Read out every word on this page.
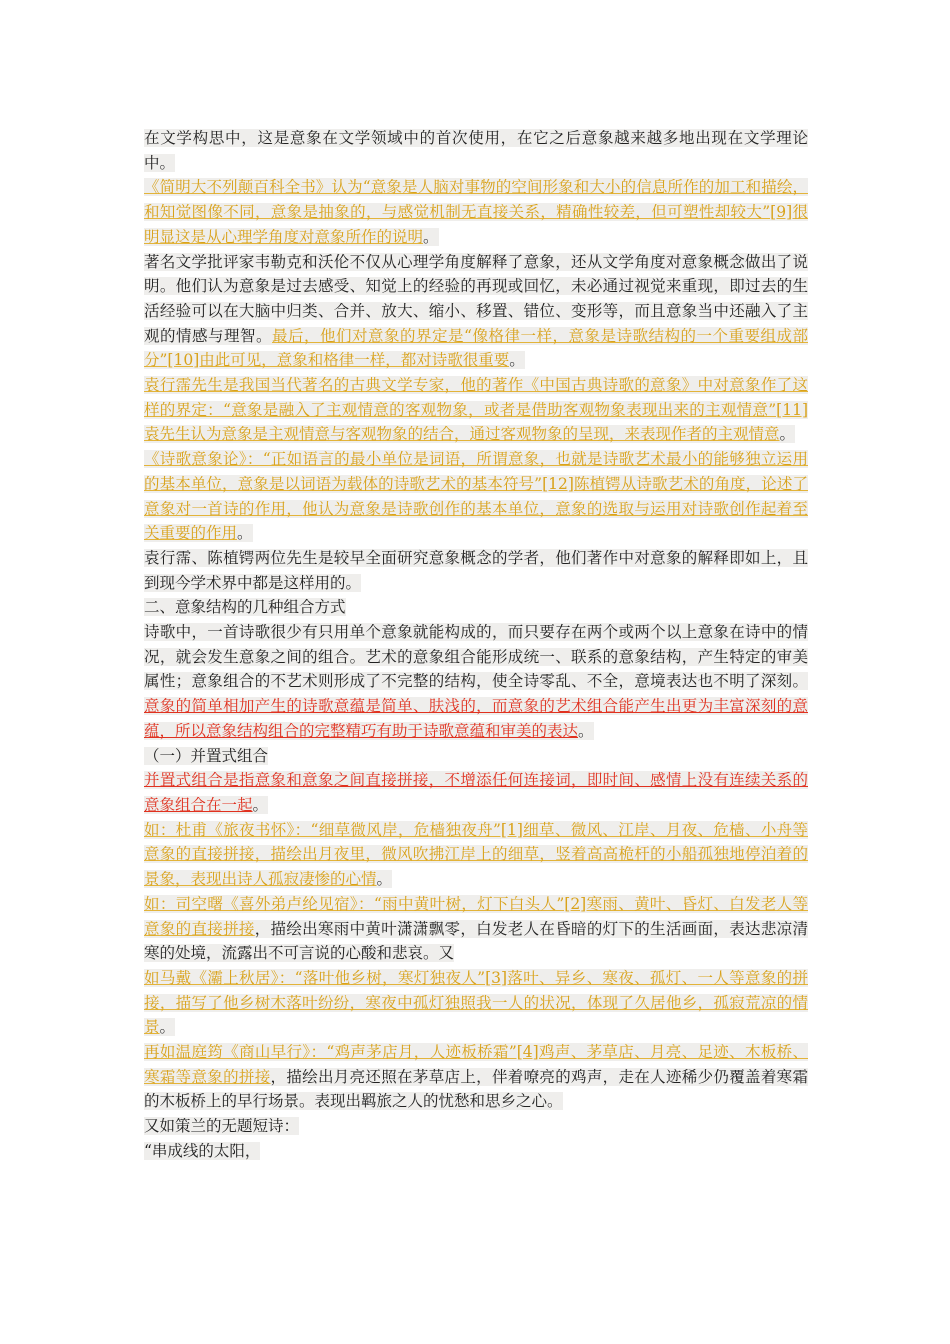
在文学构思中，这是意象在文学领域中的首次使用，在它之后意象越来越多地出现在文学理论中。

《简明大不列颠百科全书》认为“意象是人脑对事物的空间形象和大小的信息所作的加工和描绘，和知觉图像不同，意象是抽象的，与感觉机制无直接关系，精确性较差，但可塑性却较大”[9]很明显这是从心理学角度对意象所作的说明。

著名文学批评家韦勒克和沃伦不仅从心理学角度解释了意象，还从文学角度对意象概念做出了说明。他们认为意象是过去感受、知觉上的经验的再现或回忆，未必通过视觉来重现，即过去的生活经验可以在大脑中归类、合并、放大、缩小、移置、错位、变形等，而且意象当中还融入了主观的情感与理智。最后，他们对意象的界定是“像格律一样，意象是诗歌结构的一个重要组成部分”[10]由此可见，意象和格律一样，都对诗歌很重要。

袁行霈先生是我国当代著名的古典文学专家，他的著作《中国古典诗歌的意象》中对意象作了这样的界定：“意象是融入了主观情意的客观物象，或者是借助客观物象表现出来的主观情意”[11]袁先生认为意象是主观情意与客观物象的结合，通过客观物象的呈现，来表现作者的主观情意。

《诗歌意象论》：“正如语言的最小单位是词语，所谓意象，也就是诗歌艺术最小的能够独立运用的基本单位，意象是以词语为载体的诗歌艺术的基本符号”[12]陈植锷从诗歌艺术的角度，论述了意象对一首诗的作用，他认为意象是诗歌创作的基本单位，意象的选取与运用对诗歌创作起着至关重要的作用。

袁行霈、陈植锷两位先生是较早全面研究意象概念的学者，他们著作中对意象的解释即如上，且到现今学术界中都是这样用的。

二、意象结构的几种组合方式

诗歌中，一首诗歌很少有只用单个意象就能构成的，而只要存在两个或两个以上意象在诗中的情况，就会发生意象之间的组合。艺术的意象组合能形成统一、联系的意象结构，产生特定的审美属性；意象组合的不艺术则形成了不完整的结构，使全诗零乱、不全，意境表达也不明了深刻。意象的简单相加产生的诗歌意蕴是简单、肤浅的，而意象的艺术组合能产生出更为丰富深刻的意蕴，所以意象结构组合的完整精巧有助于诗歌意蕴和审美的表达。

（一）并置式组合

并置式组合是指意象和意象之间直接拼接，不增添任何连接词，即时间、感情上没有连续关系的意象组合在一起。

如：杜甫《旅夜书怀》：“细草微风岸，危樯独夜舟”[1]细草、微风、江岸、月夜、危樯、小舟等意象的直接拼接，描绘出月夜里，微风吹拂江岸上的细草，竖着高高桅杆的小船孤独地停泊着的景象，表现出诗人孤寂凄惨的心情。

如：司空曙《喜外弟卢纶见宿》：“雨中黄叶树，灯下白头人”[2]寒雨、黄叶、昏灯、白发老人等意象的直接拼接，描绘出寒雨中黄叶潇潇飘零，白发老人在昏暗的灯下的生活画面，表达悲凉清寒的处境，流露出不可言说的心酸和悲哀。又

如马戴《灞上秋居》：“落叶他乡树，寒灯独夜人”[3]落叶、异乡、寒夜、孤灯、一人等意象的拼接，描写了他乡树木落叶纷纷，寒夜中孤灯独照我一人的状况，体现了久居他乡，孤寂荒凉的情景。

再如温庭筠《商山早行》：“鸡声茅店月，人迹板桥霜”[4]鸡声、茅草店、月亮、足迹、木板桥、寒霜等意象的拼接，描绘出月亮还照在茅草店上，伴着嘹亮的鸡声，走在人迹稀少仍覆盖着寒霜的木板桥上的早行场景。表现出羁旅之人的忧愁和思乡之心。

又如策兰的无题短诗：

“串成线的太阳，
